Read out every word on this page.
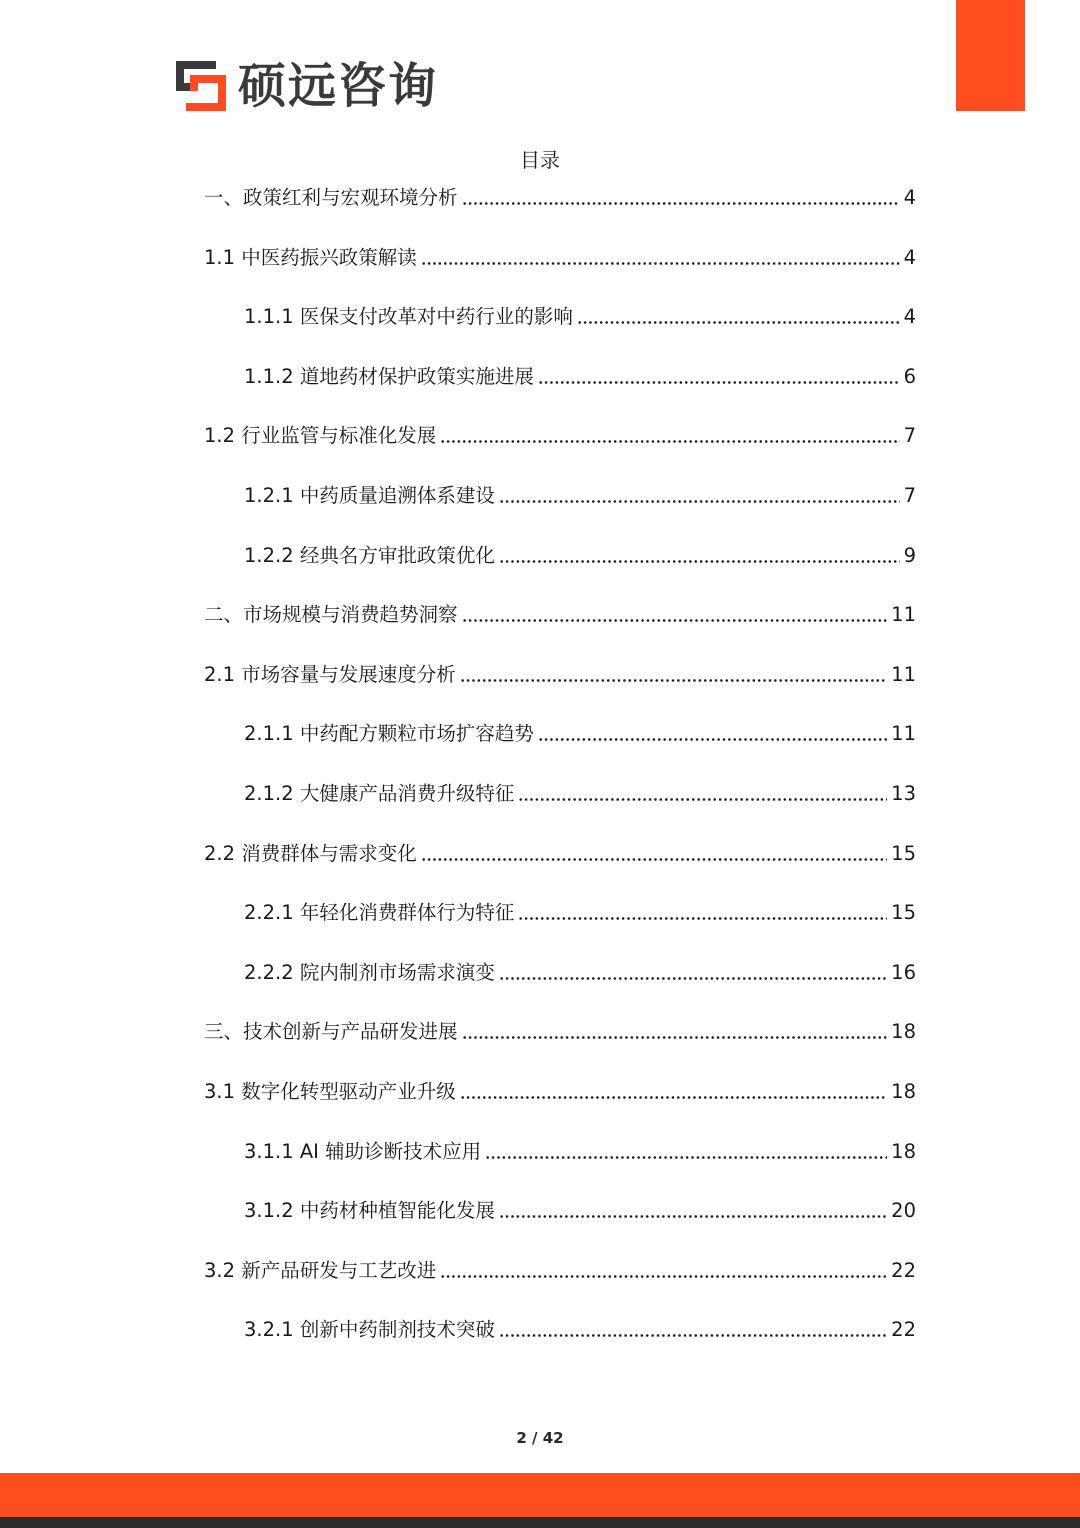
硕远咨询
目录
一、政策红利与宏观环境分析	4
1.1 中医药振兴政策解读	4
1.1.1 医保支付改革对中药行业的影响	4
1.1.2 道地药材保护政策实施进展	6
1.2 行业监管与标准化发展	7
1.2.1 中药质量追溯体系建设	7
1.2.2 经典名方审批政策优化	9
二、市场规模与消费趋势洞察	11
2.1 市场容量与发展速度分析	11
2.1.1 中药配方颗粒市场扩容趋势	11
2.1.2 大健康产品消费升级特征	13
2.2 消费群体与需求变化	15
2.2.1 年轻化消费群体行为特征	15
2.2.2 院内制剂市场需求演变	16
三、技术创新与产品研发进展	18
3.1 数字化转型驱动产业升级	18
3.1.1 AI 辅助诊断技术应用	18
3.1.2 中药材种植智能化发展	20
3.2 新产品研发与工艺改进	22
3.2.1 创新中药制剂技术突破	22
2 / 42
